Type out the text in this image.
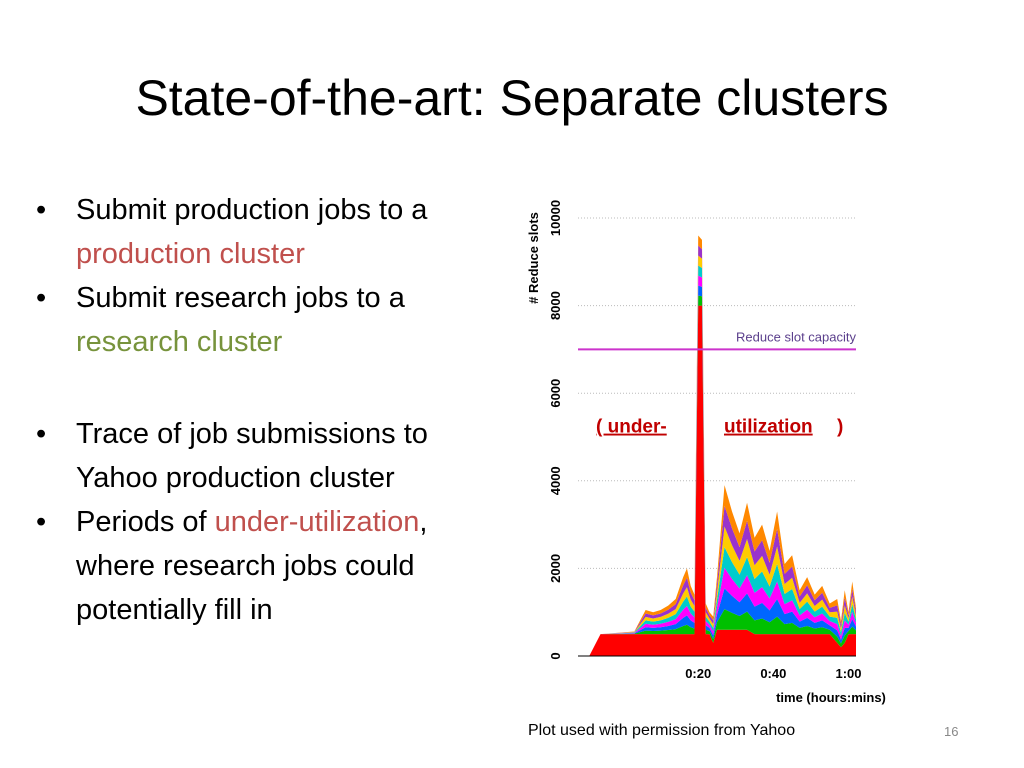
State-of-the-art: Separate clusters
• Submit production jobs to a production cluster
• Submit research jobs to a research cluster
• Trace of job submissions to Yahoo production cluster
• Periods of under-utilization, where research jobs could potentially fill in
Reduce slot capacity
( under-	utilization )
0
2000
4000
6000
8000
10000
0:20	0:40	1:00
# Reduce slots
time (hours:mins)
Plot used with permission from Yahoo	16
